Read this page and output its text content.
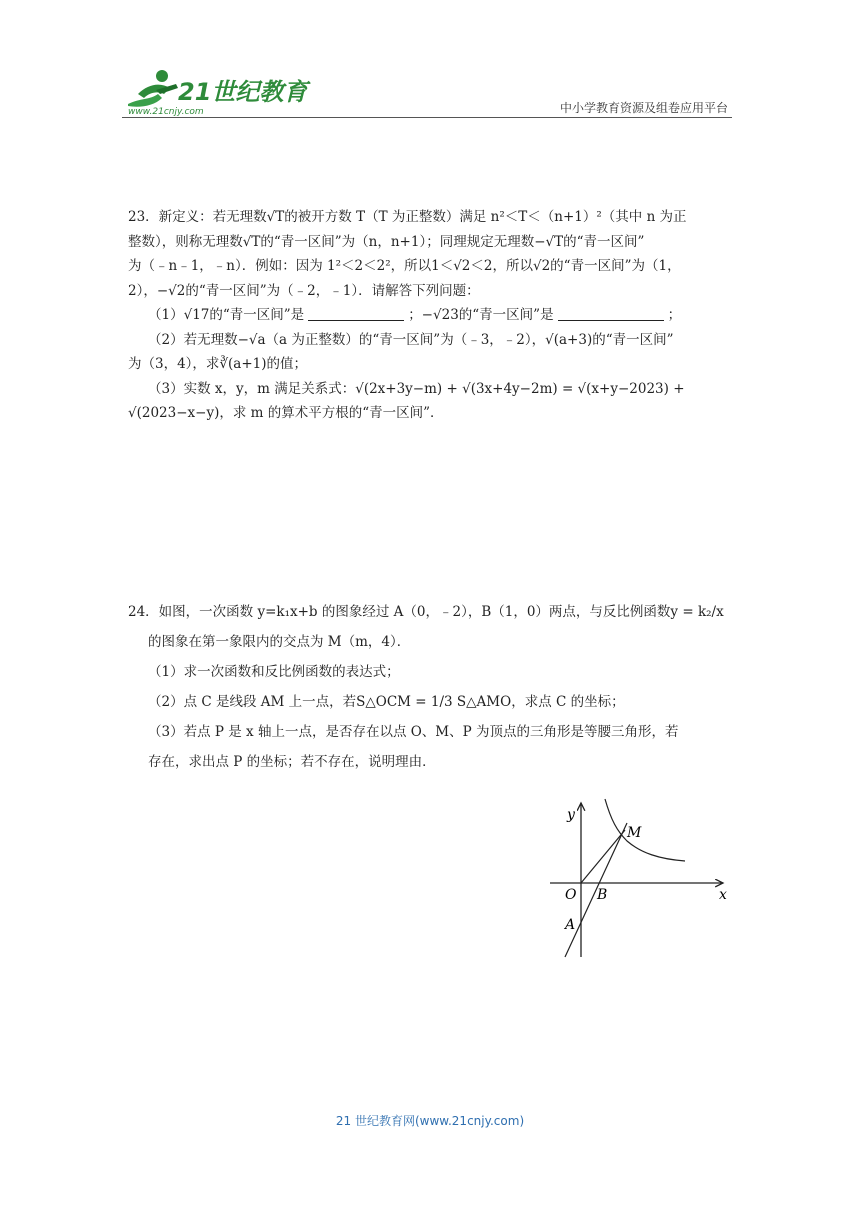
21世纪教育
www.21cnjy.com	中小学教育资源及组卷应用平台

23．新定义：若无理数√T的被开方数 T（T 为正整数）满足 n²＜T＜（n+1）²（其中 n 为正

整数），则称无理数√T的“青一区间”为（n，n+1）；同理规定无理数−√T的“青一区间”

为（﹣n﹣1，﹣n）．例如：因为 1²＜2＜2²，所以1＜√2＜2，所以√2的“青一区间”为（1，

2），−√2的“青一区间”为（﹣2，﹣1）．请解答下列问题：

（1）√17的“青一区间”是	；−√23的“青一区间”是	；

（2）若无理数−√a（a 为正整数）的“青一区间”为（﹣3，﹣2），√(a+3)的“青一区间”

为（3，4），求∛(a+1)的值；

（3）实数 x，y，m 满足关系式：√(2x+3y−m) + √(3x+4y−2m) = √(x+y−2023) +

√(2023−x−y)，求 m 的算术平方根的“青一区间”．

24．如图，一次函数 y=k₁x+b 的图象经过 A（0，﹣2），B（1，0）两点，与反比例函数y = k₂/x

的图象在第一象限内的交点为 M（m，4）．

（1）求一次函数和反比例函数的表达式；

（2）点 C 是线段 AM 上一点，若S△OCM = 1/3 S△AMO，求点 C 的坐标；

（3）若点 P 是 x 轴上一点，是否存在以点 O、M、P 为顶点的三角形是等腰三角形，若

存在，求出点 P 的坐标；若不存在，说明理由．

y
x
O
A
B
M
21 世纪教育网(www.21cnjy.com)
